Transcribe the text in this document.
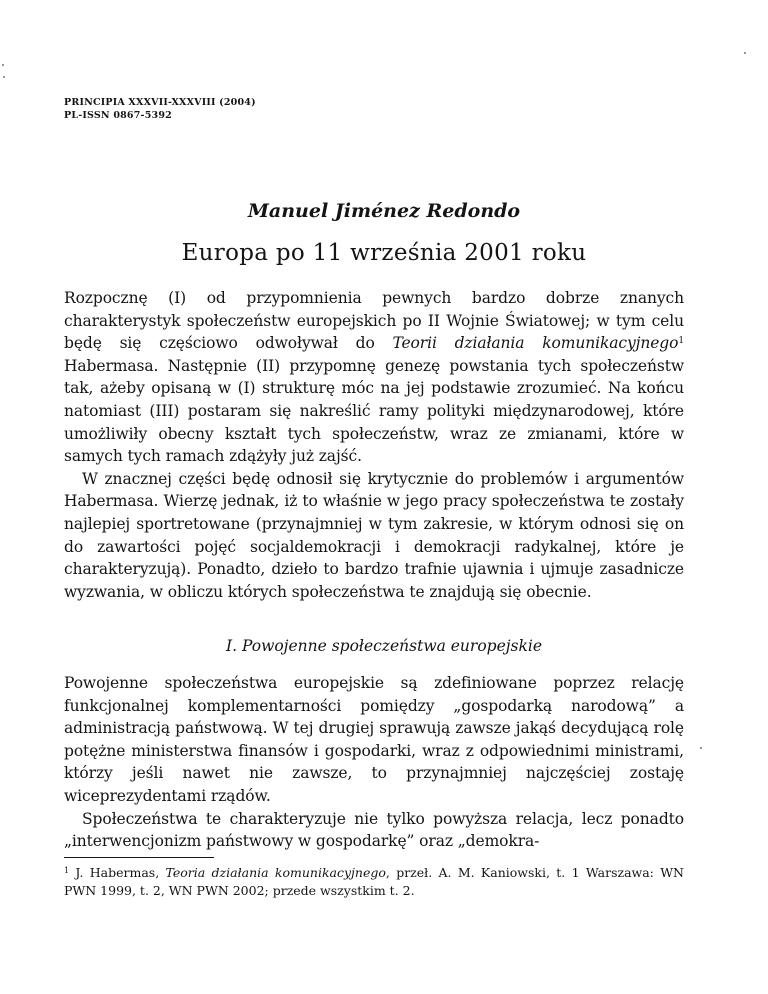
PRINCIPIA XXXVII-XXXVIII (2004)
PL-ISSN 0867-5392
Manuel Jiménez Redondo
Europa po 11 września 2001 roku

Rozpocznę (I) od przypomnienia pewnych bardzo dobrze znanych charakterystyk społeczeństw europejskich po II Wojnie Światowej; w tym celu będę się częściowo odwoływał do Teorii działania komunikacyjnego$^1$ Habermasa. Następnie (II) przypomnę genezę powstania tych społeczeństw tak, ażeby opisaną w (I) strukturę móc na jej podstawie zrozumieć. Na końcu natomiast (III) postaram się nakreślić ramy polityki międzynarodowej, które umożliwiły obecny kształt tych społeczeństw, wraz ze zmianami, które w samych tych ramach zdążyły już zajść.

W znacznej części będę odnosił się krytycznie do problemów i argumentów Habermasa. Wierzę jednak, iż to właśnie w jego pracy społeczeństwa te zostały najlepiej sportretowane (przynajmniej w tym zakresie, w którym odnosi się on do zawartości pojęć socjaldemokracji i demokracji radykalnej, które je charakteryzują). Ponadto, dzieło to bardzo trafnie ujawnia i ujmuje zasadnicze wyzwania, w obliczu których społeczeństwa te znajdują się obecnie.

I. Powojenne społeczeństwa europejskie

Powojenne społeczeństwa europejskie są zdefiniowane poprzez relację funkcjonalnej komplementarności pomiędzy „gospodarką narodową” a administracją państwową. W tej drugiej sprawują zawsze jakąś decydującą rolę potężne ministerstwa finansów i gospodarki, wraz z odpowiednimi ministrami, którzy jeśli nawet nie zawsze, to przynajmniej najczęściej zostaję wiceprezydentami rządów.

Społeczeństwa te charakteryzuje nie tylko powyższa relacja, lecz ponadto „interwencjonizm państwowy w gospodarkę” oraz „demokra-

$^1$ J. Habermas, Teoria działania komunikacyjnego, przeł. A. M. Kaniowski, t. 1 Warszawa: WN PWN 1999, t. 2, WN PWN 2002; przede wszystkim t. 2.
